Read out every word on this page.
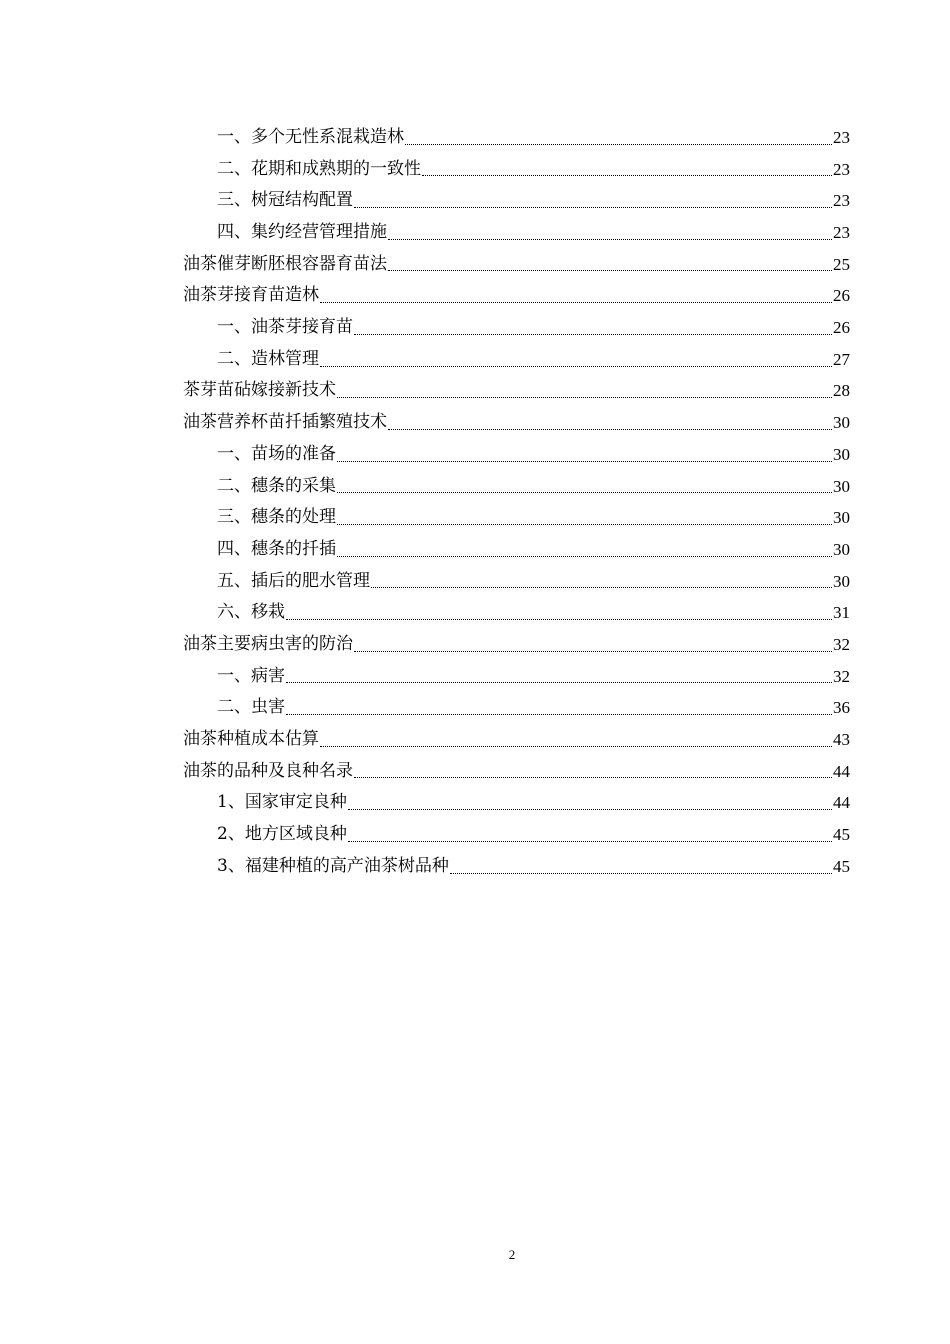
一、多个无性系混栽造林	23
二、花期和成熟期的一致性	23
三、树冠结构配置	23
四、集约经营管理措施	23
油茶催芽断胚根容器育苗法	25
油茶芽接育苗造林	26
一、油茶芽接育苗	26
二、造林管理	27
茶芽苗砧嫁接新技术	28
油茶营养杯苗扦插繁殖技术	30
一、苗场的准备	30
二、穗条的采集	30
三、穗条的处理	30
四、穗条的扦插	30
五、插后的肥水管理	30
六、移栽	31
油茶主要病虫害的防治	32
一、病害	32
二、虫害	36
油茶种植成本估算	43
油茶的品种及良种名录	44
1、国家审定良种	44
2、地方区域良种	45
3、福建种植的高产油茶树品种	45
2
